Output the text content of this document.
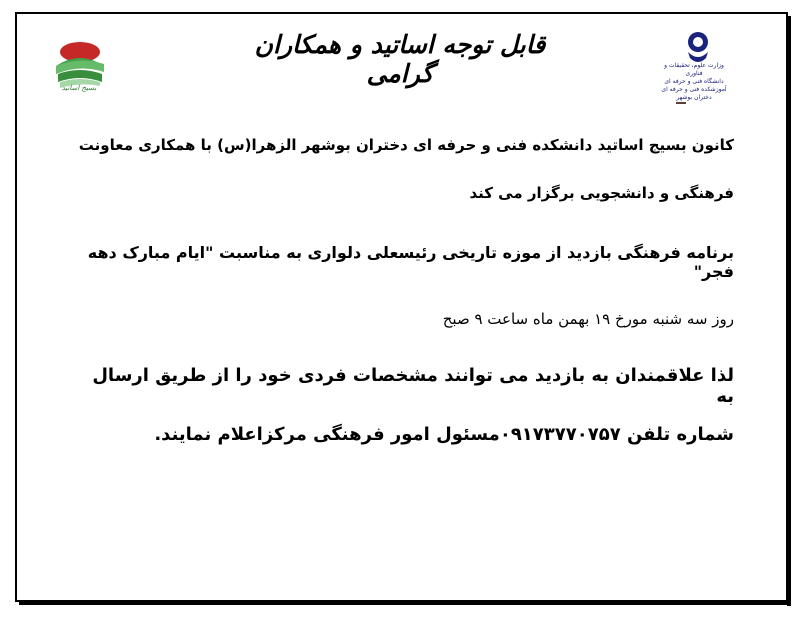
قابل توجه اساتید و همکاران گرامی
بسیج اساتید
وزارت علوم، تحقیقات و فناوری
دانشگاه فنی و حرفه ای
آموزشکده فنی و حرفه ای دختران بوشهر
کانون بسیج اساتید دانشکده فنی و حرفه ای دختران بوشهر الزهرا(س) با همکاری معاونت
فرهنگی و دانشجویی برگزار می کند
برنامه فرهنگی بازدید از موزه تاریخی رئیسعلی دلواری به مناسبت "ایام مبارک دهه فجر"
روز سه شنبه مورخ ۱۹ بهمن ماه ساعت ۹ صبح
لذا علاقمندان به بازدید می توانند مشخصات فردی خود را از طریق ارسال به
شماره تلفن ۰۹۱۷۳۷۷۰۷۵۷مسئول امور فرهنگی مرکزاعلام نمایند.
